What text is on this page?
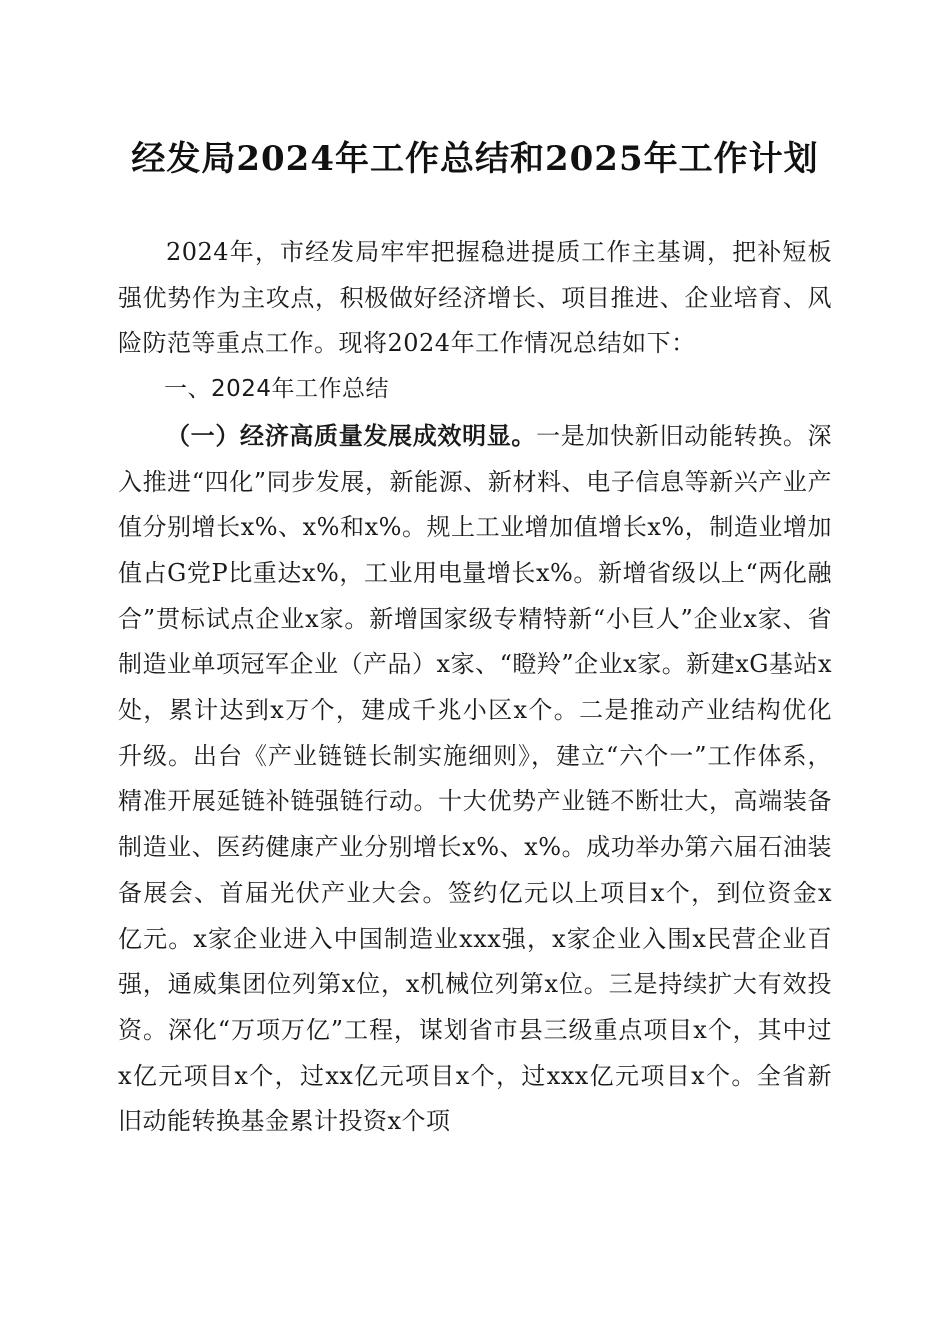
经发局2024年工作总结和2025年工作计划

2024年，市经发局牢牢把握稳进提质工作主基调，把补短板强优势作为主攻点，积极做好经济增长、项目推进、企业培育、风险防范等重点工作。现将2024年工作情况总结如下：

一、2024年工作总结

（一）经济高质量发展成效明显。一是加快新旧动能转换。深入推进“四化”同步发展，新能源、新材料、电子信息等新兴产业产值分别增长x%、x%和x%。规上工业增加值增长x%，制造业增加值占G党P比重达x%，工业用电量增长x%。新增省级以上“两化融合”贯标试点企业x家。新增国家级专精特新“小巨人”企业x家、省制造业单项冠军企业（产品）x家、“瞪羚”企业x家。新建xG基站x处，累计达到x万个，建成千兆小区x个。二是推动产业结构优化升级。出台《产业链链长制实施细则》，建立“六个一”工作体系，精准开展延链补链强链行动。十大优势产业链不断壮大，高端装备制造业、医药健康产业分别增长x%、x%。成功举办第六届石油装备展会、首届光伏产业大会。签约亿元以上项目x个，到位资金x亿元。x家企业进入中国制造业xxx强，x家企业入围x民营企业百强，通威集团位列第x位，x机械位列第x位。三是持续扩大有效投资。深化“万项万亿”工程，谋划省市县三级重点项目x个，其中过x亿元项目x个，过xx亿元项目x个，过xxx亿元项目x个。全省新旧动能转换基金累计投资x个项
